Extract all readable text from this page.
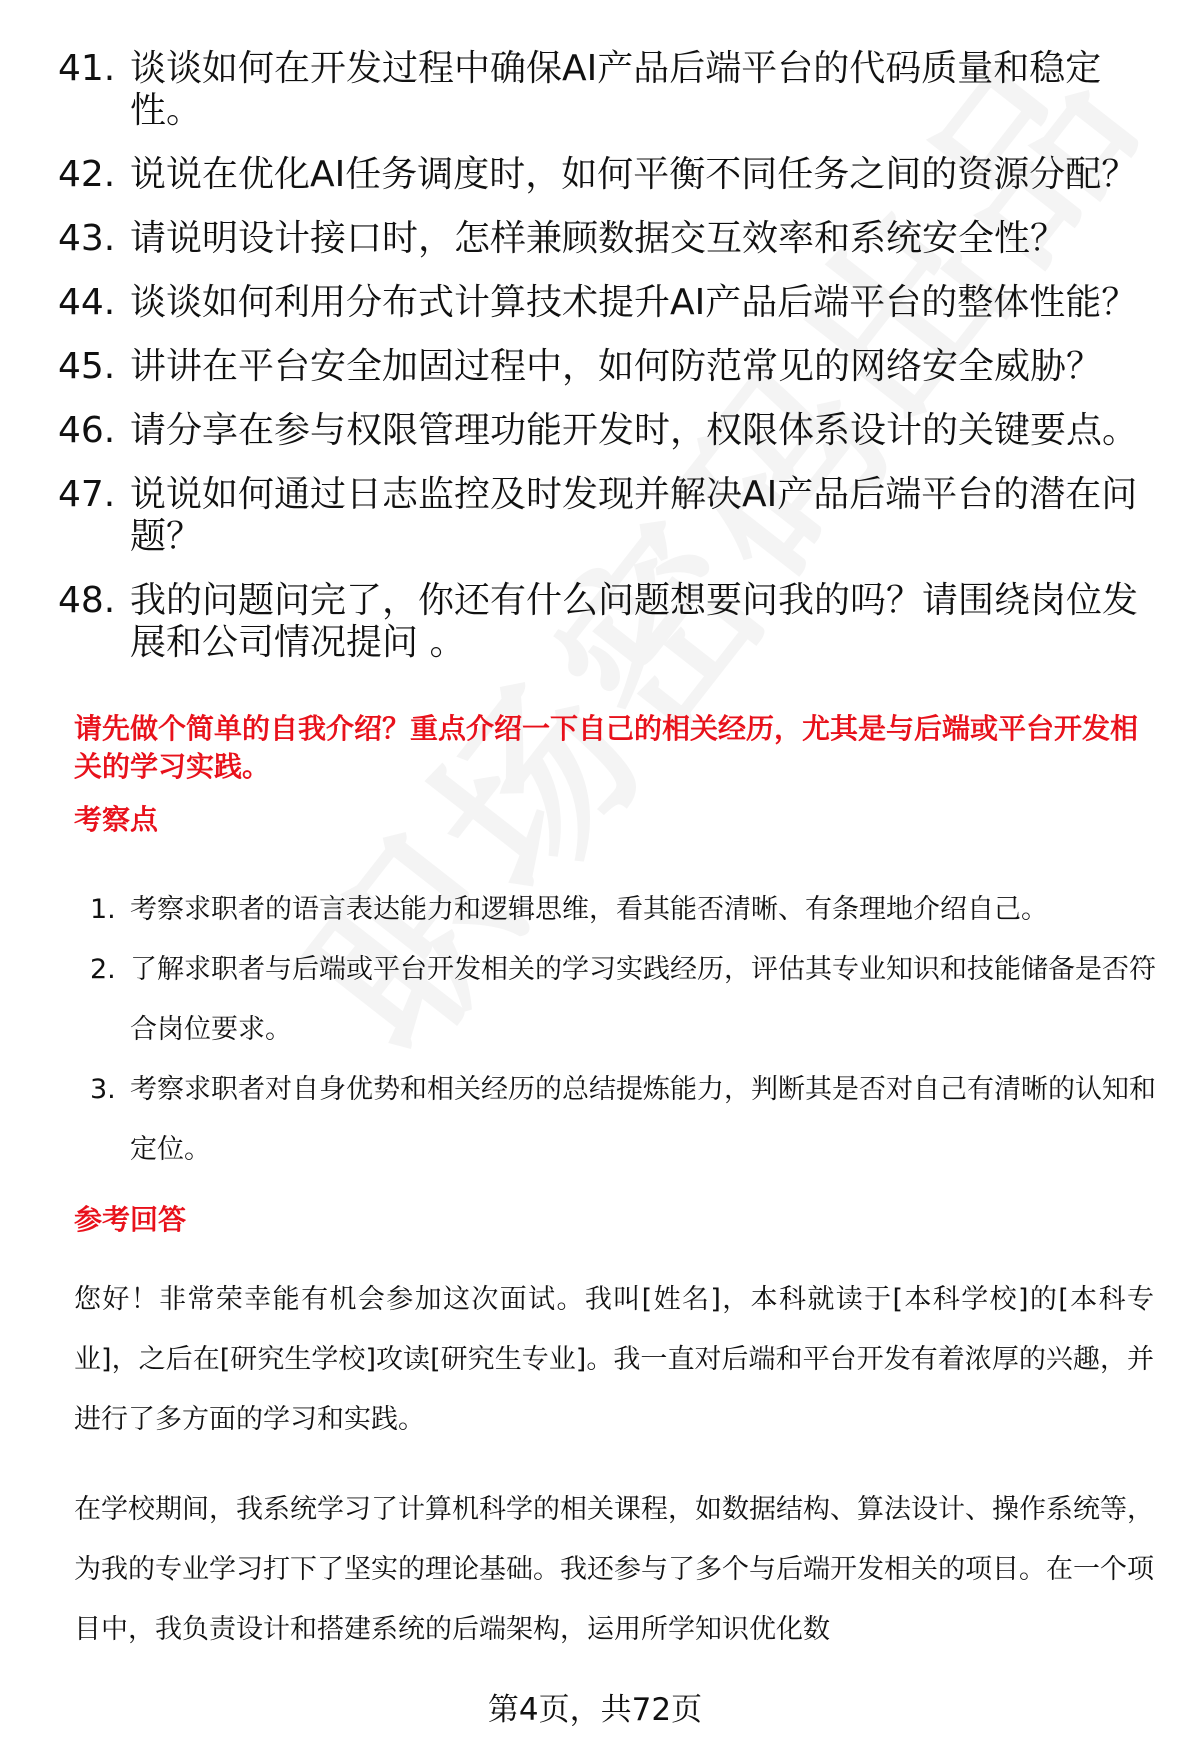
41. 谈谈如何在开发过程中确保AI产品后端平台的代码质量和稳定性。
42. 说说在优化AI任务调度时，如何平衡不同任务之间的资源分配？
43. 请说明设计接口时，怎样兼顾数据交互效率和系统安全性？
44. 谈谈如何利用分布式计算技术提升AI产品后端平台的整体性能？
45. 讲讲在平台安全加固过程中，如何防范常见的网络安全威胁？
46. 请分享在参与权限管理功能开发时，权限体系设计的关键要点。
47. 说说如何通过日志监控及时发现并解决AI产品后端平台的潜在问题？
48. 我的问题问完了，你还有什么问题想要问我的吗？请围绕岗位发展和公司情况提问 。
请先做个简单的自我介绍？重点介绍一下自己的相关经历，尤其是与后端或平台开发相关的学习实践。
考察点
1. 考察求职者的语言表达能力和逻辑思维，看其能否清晰、有条理地介绍自己。
2. 了解求职者与后端或平台开发相关的学习实践经历，评估其专业知识和技能储备是否符合岗位要求。
3. 考察求职者对自身优势和相关经历的总结提炼能力，判断其是否对自己有清晰的认知和定位。
参考回答
您好！非常荣幸能有机会参加这次面试。我叫[姓名]，本科就读于[本科学校]的[本科专业]，之后在[研究生学校]攻读[研究生专业]。我一直对后端和平台开发有着浓厚的兴趣，并进行了多方面的学习和实践。
在学校期间，我系统学习了计算机科学的相关课程，如数据结构、算法设计、操作系统等，为我的专业学习打下了坚实的理论基础。我还参与了多个与后端开发相关的项目。在一个项目中，我负责设计和搭建系统的后端架构，运用所学知识优化数
第4页，共72页
